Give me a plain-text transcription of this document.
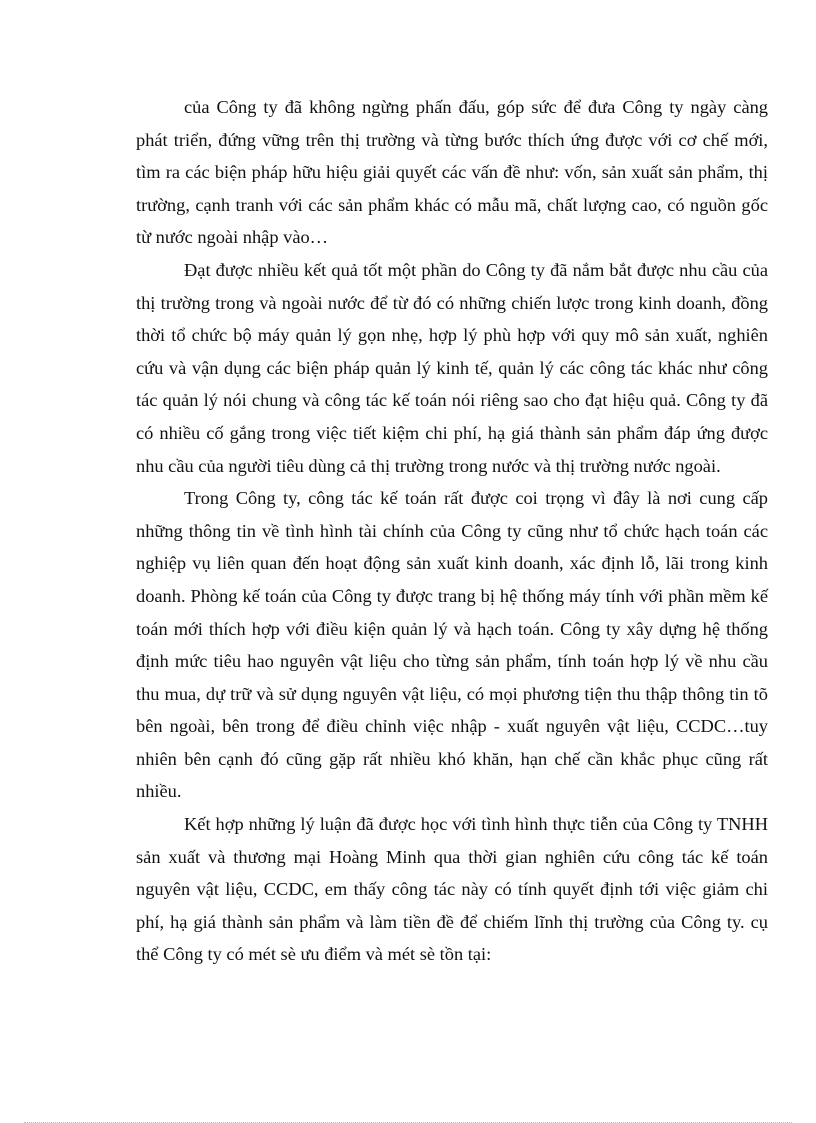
của Công ty đã không ngừng phấn đấu, góp sức để đưa Công ty ngày càng phát triển, đứng vững trên thị trường và từng bước thích ứng được với cơ chế mới, tìm ra các biện pháp hữu hiệu giải quyết các vấn đề như: vốn, sản xuất sản phẩm, thị trường, cạnh tranh với các sản phẩm khác có mẫu mã, chất lượng cao, có nguồn gốc từ nước ngoài nhập vào…

Đạt được nhiều kết quả tốt một phần do Công ty đã nắm bắt được nhu cầu của thị trường trong và ngoài nước để từ đó có những chiến lược trong kinh doanh, đồng thời tổ chức bộ máy quản lý gọn nhẹ, hợp lý phù hợp với quy mô sản xuất, nghiên cứu và vận dụng các biện pháp quản lý kinh tế, quản lý các công tác khác như công tác quản lý nói chung và công tác kế toán nói riêng sao cho đạt hiệu quả. Công ty đã có nhiều cố gắng trong việc tiết kiệm chi phí, hạ giá thành sản phẩm đáp ứng được nhu cầu của người tiêu dùng cả thị trường trong nước và thị trường nước ngoài.

Trong Công ty, công tác kế toán rất được coi trọng vì đây là nơi cung cấp những thông tin về tình hình tài chính của Công ty cũng như tổ chức hạch toán các nghiệp vụ liên quan đến hoạt động sản xuất kinh doanh, xác định lỗ, lãi trong kinh doanh. Phòng kế toán của Công ty được trang bị hệ thống máy tính với phần mềm kế toán mới thích hợp với điều kiện quản lý và hạch toán. Công ty xây dựng hệ thống định mức tiêu hao nguyên vật liệu cho từng sản phẩm, tính toán hợp lý về nhu cầu thu mua, dự trữ và sử dụng nguyên vật liệu, có mọi phương tiện thu thập thông tin tõ bên ngoài, bên trong để điều chỉnh việc nhập - xuất nguyên vật liệu, CCDC…tuy nhiên bên cạnh đó cũng gặp rất nhiều khó khăn, hạn chế cần khắc phục cũng rất nhiều.

Kết hợp những lý luận đã được học với tình hình thực tiễn của Công ty TNHH sản xuất và thương mại Hoàng Minh qua thời gian nghiên cứu công tác kế toán nguyên vật liệu, CCDC, em thấy công tác này có tính quyết định tới việc giảm chi phí, hạ giá thành sản phẩm và làm tiền đề để chiếm lĩnh thị trường của Công ty. cụ thể Công ty có mét sè ưu điểm và mét sè tồn tại:
